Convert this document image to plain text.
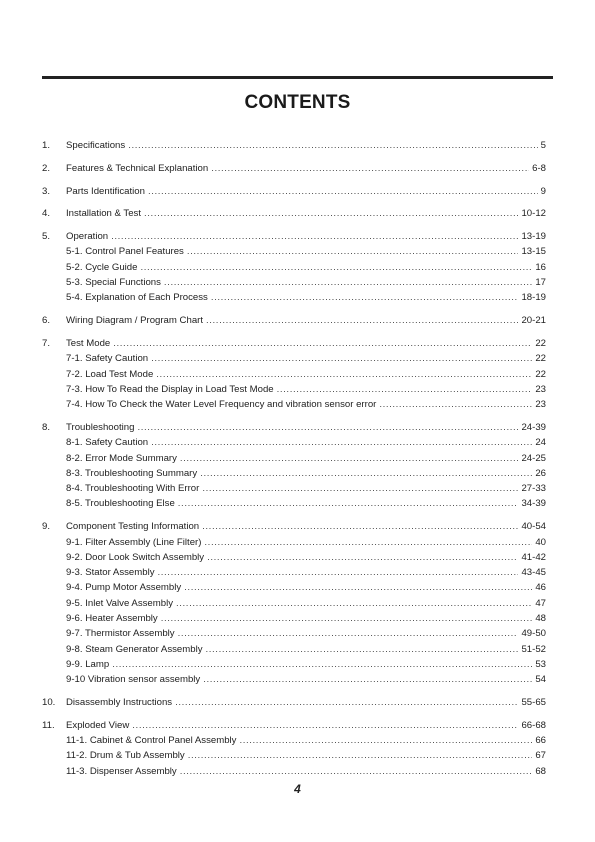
CONTENTS
1.	Specifications .....	5
2.	Features & Technical Explanation .....	6-8
3.	Parts Identification .....	9
4.	Installation & Test .....	10-12
5.	Operation .....	13-19
5-1. Control Panel Features .....	13-15
5-2. Cycle Guide .....	16
5-3. Special Functions .....	17
5-4. Explanation of Each Process .....	18-19
6.	Wiring Diagram / Program Chart .....	20-21
7.	Test Mode .....	22
7-1. Safety Caution .....	22
7-2. Load Test Mode .....	22
7-3. How To Read the Display in Load Test Mode .....	23
7-4. How To Check the Water Level Frequency and vibration sensor error .....	23
8.	Troubleshooting .....	24-39
8-1. Safety Caution .....	24
8-2. Error Mode Summary .....	24-25
8-3. Troubleshooting Summary .....	26
8-4. Troubleshooting With Error .....	27-33
8-5. Troubleshooting Else .....	34-39
9.	Component Testing Information .....	40-54
9-1. Filter Assembly (Line Filter) .....	40
9-2. Door Look Switch Assembly .....	41-42
9-3. Stator Assembly .....	43-45
9-4. Pump Motor Assembly .....	46
9-5. Inlet Valve Assembly .....	47
9-6. Heater Assembly .....	48
9-7. Thermistor Assembly .....	49-50
9-8. Steam Generator Assembly .....	51-52
9-9. Lamp .....	53
9-10 Vibration sensor assembly .....	54
10.	Disassembly Instructions .....	55-65
11.	Exploded View .....	66-68
11-1. Cabinet & Control Panel Assembly .....	66
11-2. Drum & Tub Assembly .....	67
11-3. Dispenser Assembly .....	68
4
